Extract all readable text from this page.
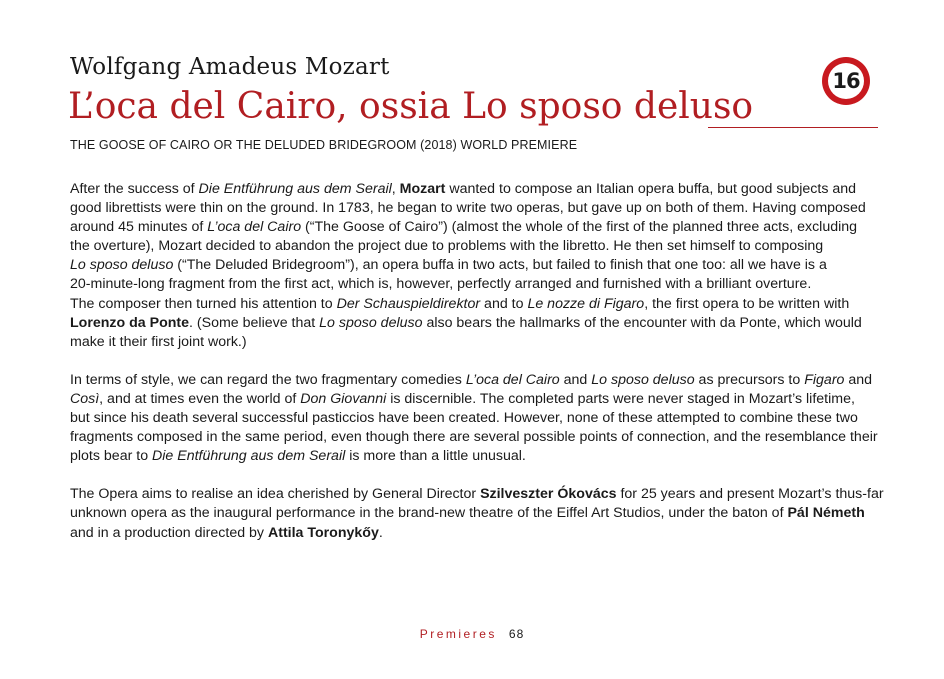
Wolfgang Amadeus Mozart
16
L’oca del Cairo, ossia Lo sposo deluso
THE GOOSE OF CAIRO OR THE DELUDED BRIDEGROOM (2018) WORLD PREMIERE

After the success of Die Entführung aus dem Serail, Mozart wanted to compose an Italian opera buffa, but good subjects and
good librettists were thin on the ground. In 1783, he began to write two operas, but gave up on both of them. Having composed
around 45 minutes of L’oca del Cairo (“The Goose of Cairo”) (almost the whole of the first of the planned three acts, excluding
the overture), Mozart decided to abandon the project due to problems with the libretto. He then set himself to composing
Lo sposo deluso (“The Deluded Bridegroom”), an opera buffa in two acts, but failed to finish that one too: all we have is a
20-minute-long fragment from the first act, which is, however, perfectly arranged and furnished with a brilliant overture.
The composer then turned his attention to Der Schauspieldirektor and to Le nozze di Figaro, the first opera to be written with
Lorenzo da Ponte. (Some believe that Lo sposo deluso also bears the hallmarks of the encounter with da Ponte, which would
make it their first joint work.)

In terms of style, we can regard the two fragmentary comedies L’oca del Cairo and Lo sposo deluso as precursors to Figaro and
Così, and at times even the world of Don Giovanni is discernible. The completed parts were never staged in Mozart’s lifetime,
but since his death several successful pasticcios have been created. However, none of these attempted to combine these two
fragments composed in the same period, even though there are several possible points of connection, and the resemblance their
plots bear to Die Entführung aus dem Serail is more than a little unusual.

The Opera aims to realise an idea cherished by General Director Szilveszter Ókovács for 25 years and present Mozart’s thus-far
unknown opera as the inaugural performance in the brand-new theatre of the Eiffel Art Studios, under the baton of Pál Németh
and in a production directed by Attila Toronykőy.

Premieres 68
